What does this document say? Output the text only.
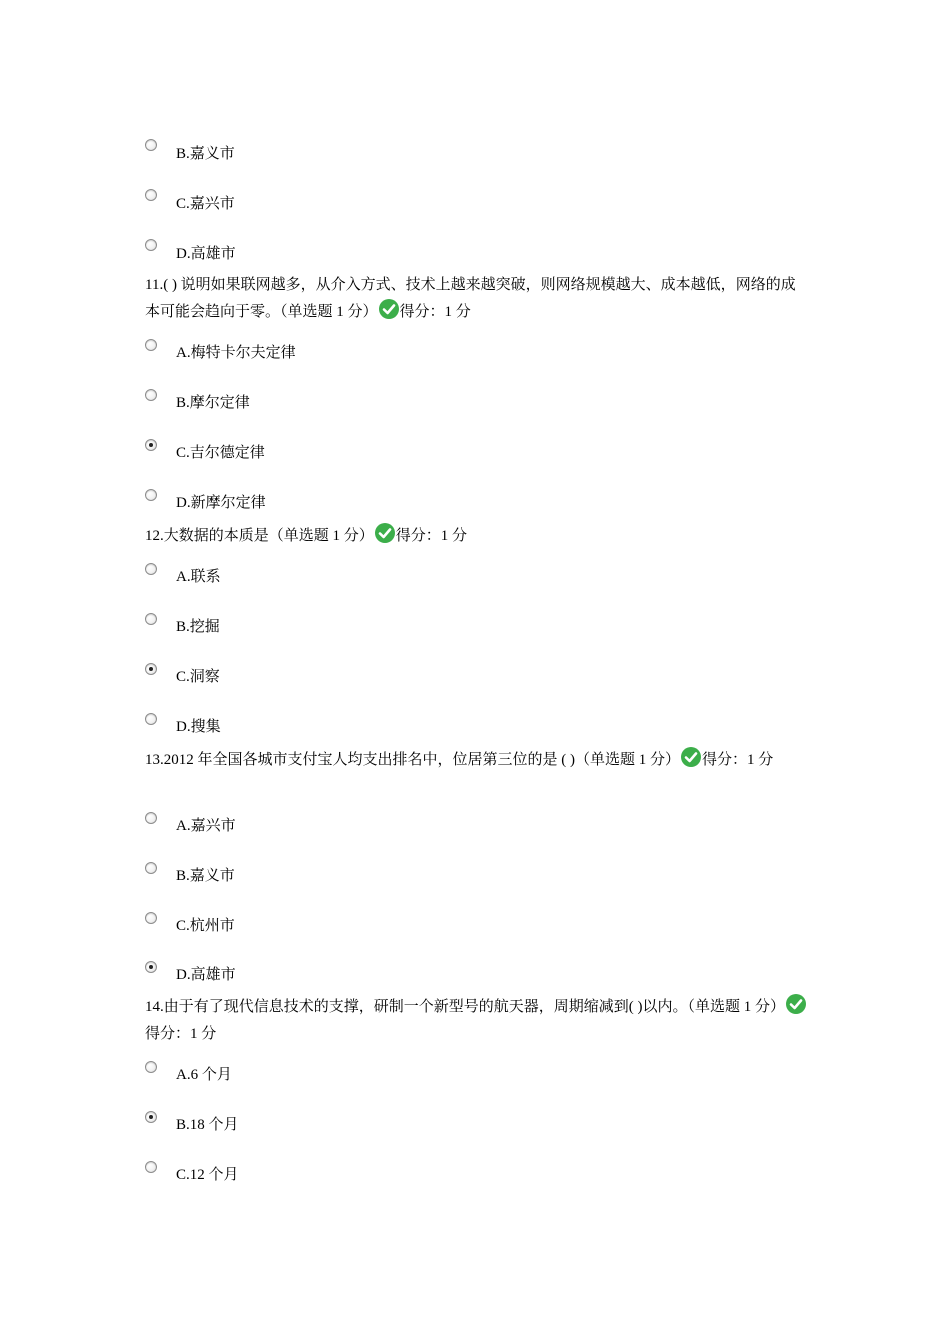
B.嘉义市
C.嘉兴市
D.高雄市
11.( ) 说明如果联网越多，从介入方式、技术上越来越突破，则网络规模越大、成本越低，网络的成本可能会趋向于零。（单选题 1 分） 得分：1 分
A.梅特卡尔夫定律
B.摩尔定律
C.吉尔德定律
D.新摩尔定律
12.大数据的本质是（单选题 1 分） 得分：1 分
A.联系
B.挖掘
C.洞察
D.搜集
13.2012 年全国各城市支付宝人均支出排名中，位居第三位的是 ( )（单选题 1 分） 得分：1 分
A.嘉兴市
B.嘉义市
C.杭州市
D.高雄市
14.由于有了现代信息技术的支撑，研制一个新型号的航天器，周期缩减到( )以内。（单选题 1 分）
得分：1 分
A.6 个月
B.18 个月
C.12 个月
